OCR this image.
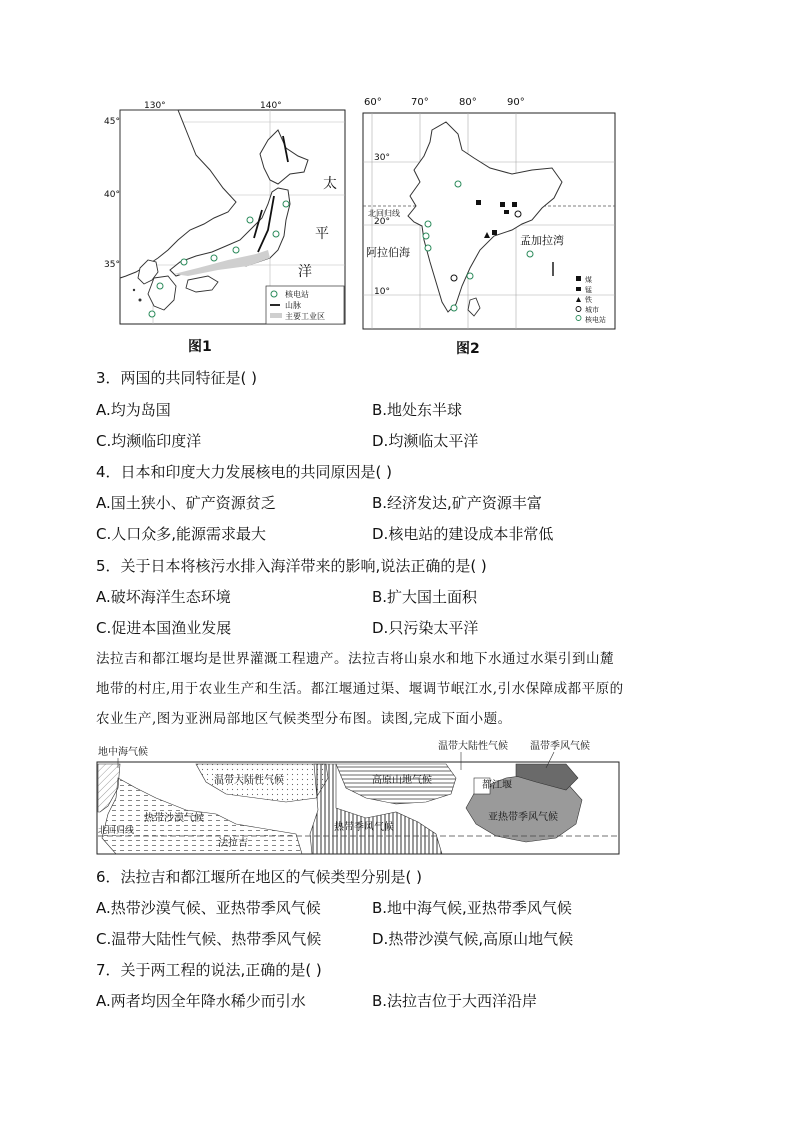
核电站
山脉
主要工业区
太
平
洋
130°	140°
45°
40°
35°
图1
北回归线
阿拉伯海
孟加拉湾
30°
20°
10°
煤
锰
铁
城市
核电站
60°	70°	80°	90°
图2
3．两国的共同特征是( )
A.均为岛国	B.地处东半球
C.均濒临印度洋	D.均濒临太平洋
4．日本和印度大力发展核电的共同原因是( )
A.国土狭小、矿产资源贫乏	B.经济发达,矿产资源丰富
C.人口众多,能源需求最大	D.核电站的建设成本非常低
5．关于日本将核污水排入海洋带来的影响,说法正确的是( )
A.破坏海洋生态环境	B.扩大国土面积
C.促进本国渔业发展	D.只污染太平洋
法拉吉和都江堰均是世界灌溉工程遗产。法拉吉将山泉水和地下水通过水渠引到山麓
地带的村庄,用于农业生产和生活。都江堰通过渠、堰调节岷江水,引水保障成都平原的
农业生产,图为亚洲局部地区气候类型分布图。读图,完成下面小题。
地中海气候
温带大陆性气候 温带季风气候
温带大陆性气候	高原山地气候	都江堰
热带沙漠气候	亚热带季风气候
北回归线	热带季风气候
法拉吉
6．法拉吉和都江堰所在地区的气候类型分别是( )
A.热带沙漠气候、亚热带季风气候	B.地中海气候,亚热带季风气候
C.温带大陆性气候、热带季风气候	D.热带沙漠气候,高原山地气候
7．关于两工程的说法,正确的是( )
A.两者均因全年降水稀少而引水	B.法拉吉位于大西洋沿岸
